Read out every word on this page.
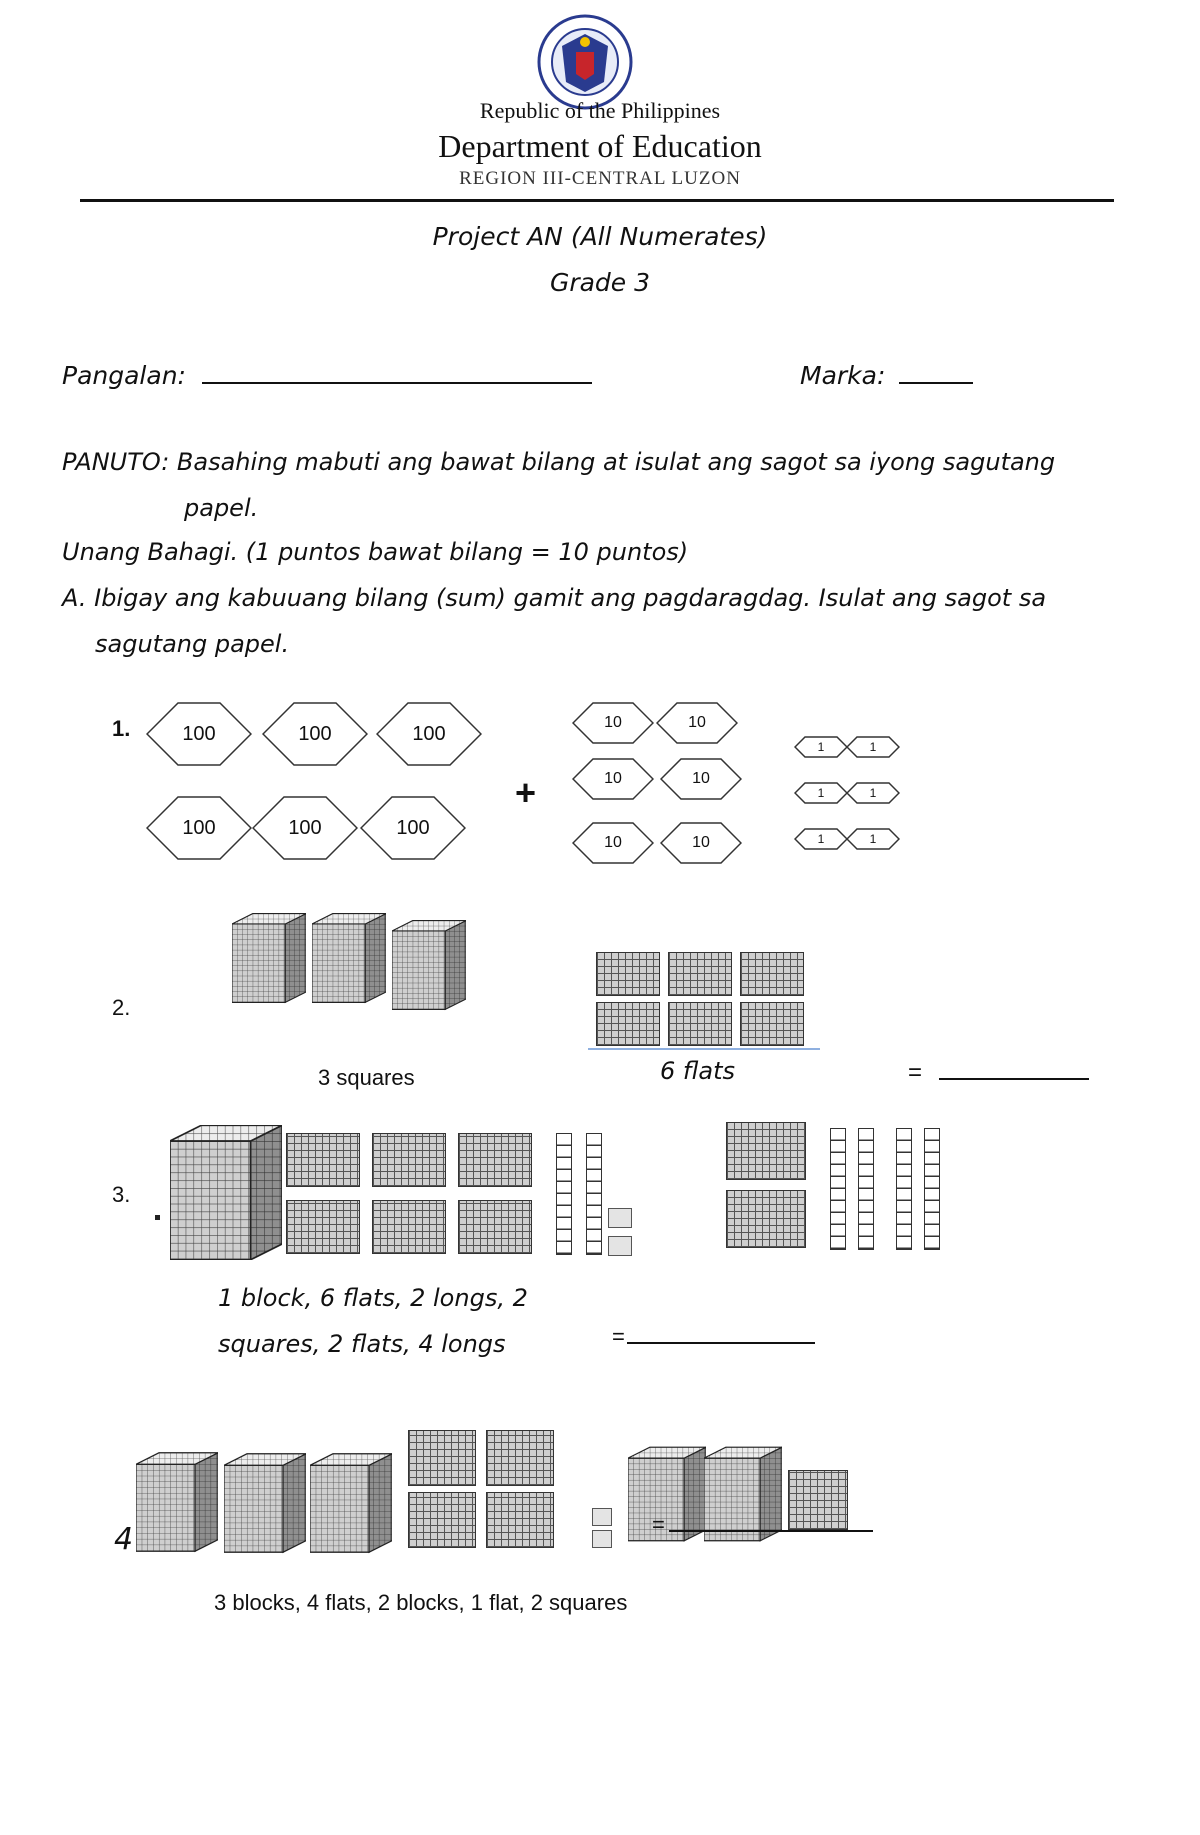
Republic of the Philippines
Department of Education
REGION III-CENTRAL LUZON
Project AN (All Numerates)
Grade 3
Pangalan:	Marka:
PANUTO: Basahing mabuti ang bawat bilang at isulat ang sagot sa iyong sagutang
papel.
Unang Bahagi. (1 puntos bawat bilang = 10 puntos)
A. Ibigay ang kabuuang bilang (sum) gamit ang pagdaragdag. Isulat ang sagot sa
sagutang papel.
1.	100	100	100
100	100	100
10	10
10	10
10	10
1	1
1	1
1	1
+
2.
3 squares	6 flats	=
3.
1 block, 6 flats, 2 longs, 2
squares, 2 flats, 4 longs	=
4	=
3 blocks, 4 flats, 2 blocks, 1 flat, 2 squares
